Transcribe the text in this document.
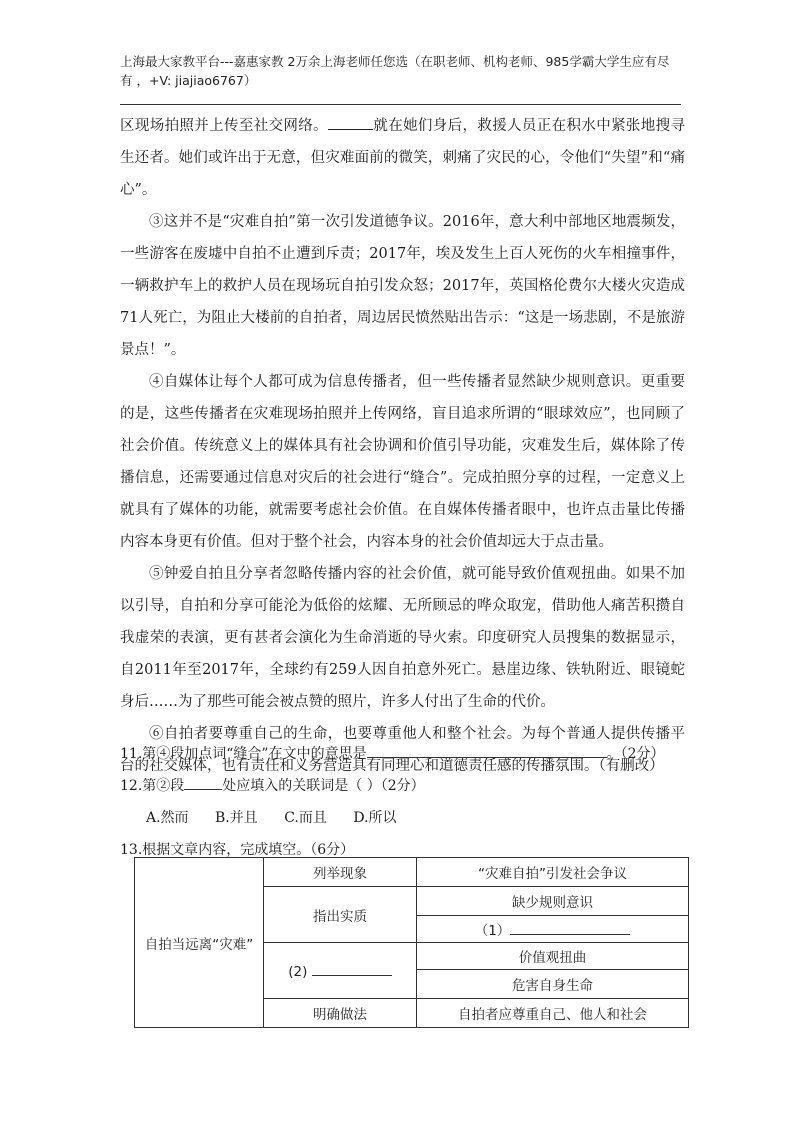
上海最大家教平台---嘉惠家教 2万余上海老师任您选（在职老师、机构老师、985学霸大学生应有尽
有 ，+V: jiajiao6767）

区现场拍照并上传至社交网络。	就在她们身后，救援人员正在积水中紧张地搜寻生还者。她们或许出于无意，但灾难面前的微笑，刺痛了灾民的心，令他们“失望”和“痛心”。

③这并不是“灾难自拍”第一次引发道德争议。2016年，意大利中部地区地震频发，一些游客在废墟中自拍不止遭到斥责；2017年，埃及发生上百人死伤的火车相撞事件，一辆救护车上的救护人员在现场玩自拍引发众怒；2017年，英国格伦费尔大楼火灾造成71人死亡，为阻止大楼前的自拍者，周边居民愤然贴出告示：“这是一场悲剧，不是旅游景点！”。

④自媒体让每个人都可成为信息传播者，但一些传播者显然缺少规则意识。更重要的是，这些传播者在灾难现场拍照并上传网络，盲目追求所谓的“眼球效应”，也同顾了社会价值。传统意义上的媒体具有社会协调和价值引导功能，灾难发生后，媒体除了传播信息，还需要通过信息对灾后的社会进行“缝合”。完成拍照分享的过程，一定意义上就具有了媒体的功能，就需要考虑社会价值。在自媒体传播者眼中，也许点击量比传播内容本身更有价值。但对于整个社会，内容本身的社会价值却远大于点击量。

⑤钟爱自拍且分享者忽略传播内容的社会价值，就可能导致价值观扭曲。如果不加以引导，自拍和分享可能沦为低俗的炫耀、无所顾忌的哗众取宠，借助他人痛苦积攒自我虚荣的表演，更有甚者会演化为生命消逝的导火索。印度研究人员搜集的数据显示，自2011年至2017年，全球约有259人因自拍意外死亡。悬崖边缘、铁轨附近、眼镜蛇身后……为了那些可能会被点赞的照片，许多人付出了生命的代价。

⑥自拍者要尊重自己的生命，也要尊重他人和整个社会。为每个普通人提供传播平台的社交媒体，也有责任和义务营造具有同理心和道德责任感的传播氛围。（有删改）

11.第④段加点词“缝合”在文中的意思是	。（2分）
12.第②段	处应填入的关联词是（ ）（2分）
A.然而 B.并且 C.而且 D.所以
13.根据文章内容，完成填空。（6分）
自拍当远离“灾难”	列举现象	“灾难自拍”引发社会争议
	指出实质	缺少规则意识
		（1）
	(2)	价值观扭曲
		危害自身生命
	明确做法	自拍者应尊重自己、他人和社会
